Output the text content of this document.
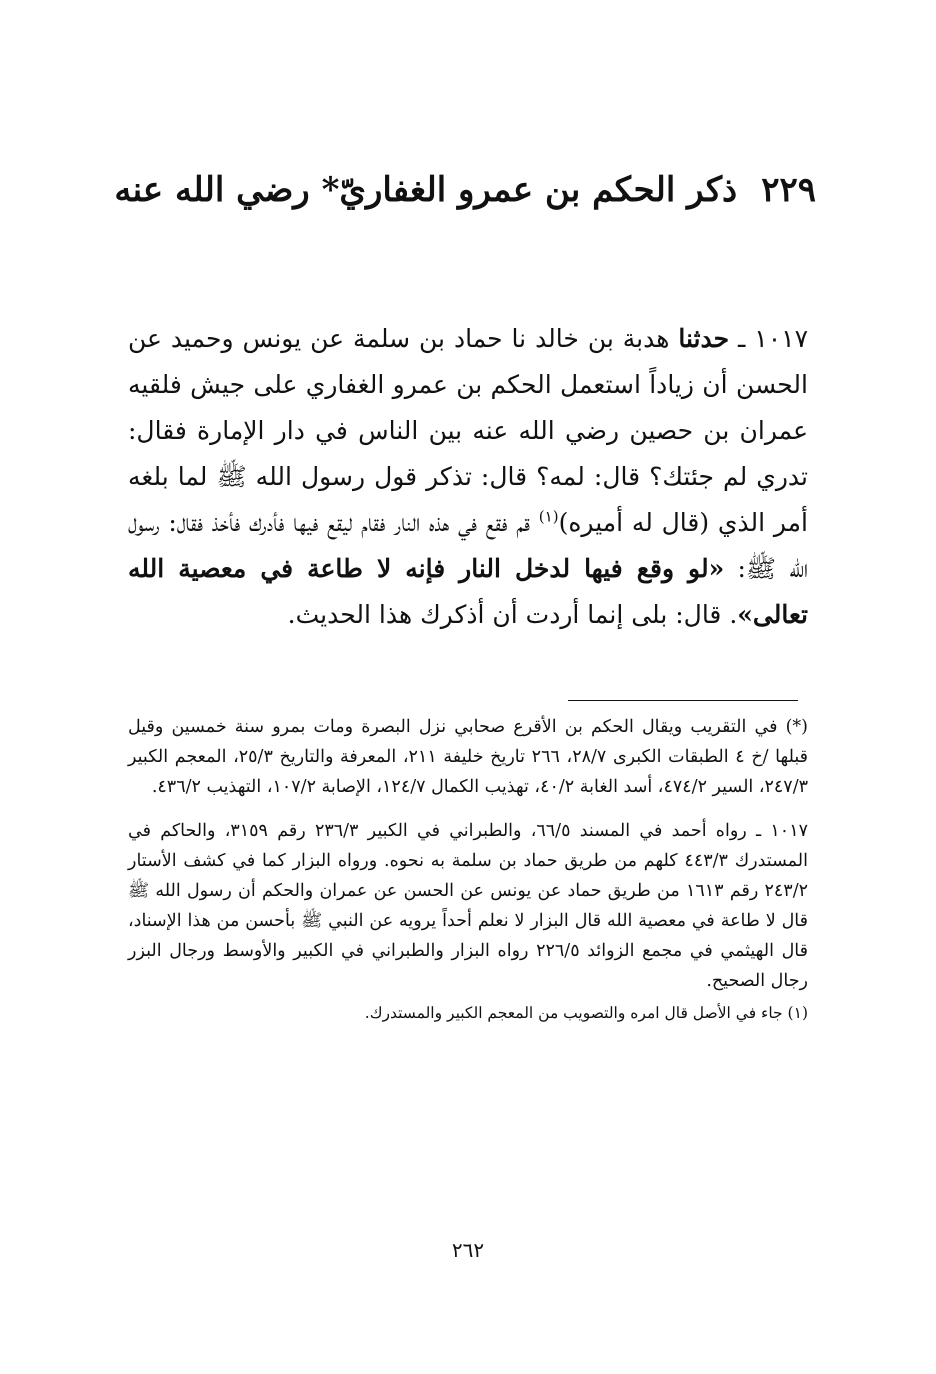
٢٢٩ذكر الحكم بن عمرو الغفاريّ* رضي الله عنه
١٠١٧ ـ حدثنا هدبة بن خالد نا حماد بن سلمة عن يونس وحميد عن الحسن أن زياداً استعمل الحكم بن عمرو الغفاري على جيش فلقيه عمران بن حصين رضي الله عنه بين الناس في دار الإمارة فقال: تدري لم جئتك؟ قال: لمه؟ قال: تذكر قول رسول الله ﷺ لما بلغه أمر الذي (قال له أميره)$^{(١)}$ قم فقع في هذه النار فقام ليقع فيها فأدرك فأخذ فقال: رسول الله ﷺ: «لو وقع فيها لدخل النار فإنه لا طاعة في معصية الله تعالى». قال: بلى إنما أردت أن أذكرك هذا الحديث.

(*) في التقريب ويقال الحكم بن الأقرع صحابي نزل البصرة ومات بمرو سنة خمسين وقيل قبلها /خ ٤ الطبقات الكبرى ٢٨/٧، ٢٦٦ تاريخ خليفة ٢١١، المعرفة والتاريخ ٢٥/٣، المعجم الكبير ٢٤٧/٣، السير ٤٧٤/٢، أسد الغابة ٤٠/٢، تهذيب الكمال ١٢٤/٧، الإصابة ١٠٧/٢، التهذيب ٤٣٦/٢.

١٠١٧ ـ رواه أحمد في المسند ٦٦/٥، والطبراني في الكبير ٢٣٦/٣ رقم ٣١٥٩، والحاكم في المستدرك ٤٤٣/٣ كلهم من طريق حماد بن سلمة به نحوه. ورواه البزار كما في كشف الأستار ٢٤٣/٢ رقم ١٦١٣ من طريق حماد عن يونس عن الحسن عن عمران والحكم أن رسول الله ﷺ قال لا طاعة في معصية الله قال البزار لا نعلم أحداً يرويه عن النبي ﷺ بأحسن من هذا الإسناد، قال الهيثمي في مجمع الزوائد ٢٢٦/٥ رواه البزار والطبراني في الكبير والأوسط ورجال البزر رجال الصحيح.

(١) جاء في الأصل قال امره والتصويب من المعجم الكبير والمستدرك.

٢٦٢
